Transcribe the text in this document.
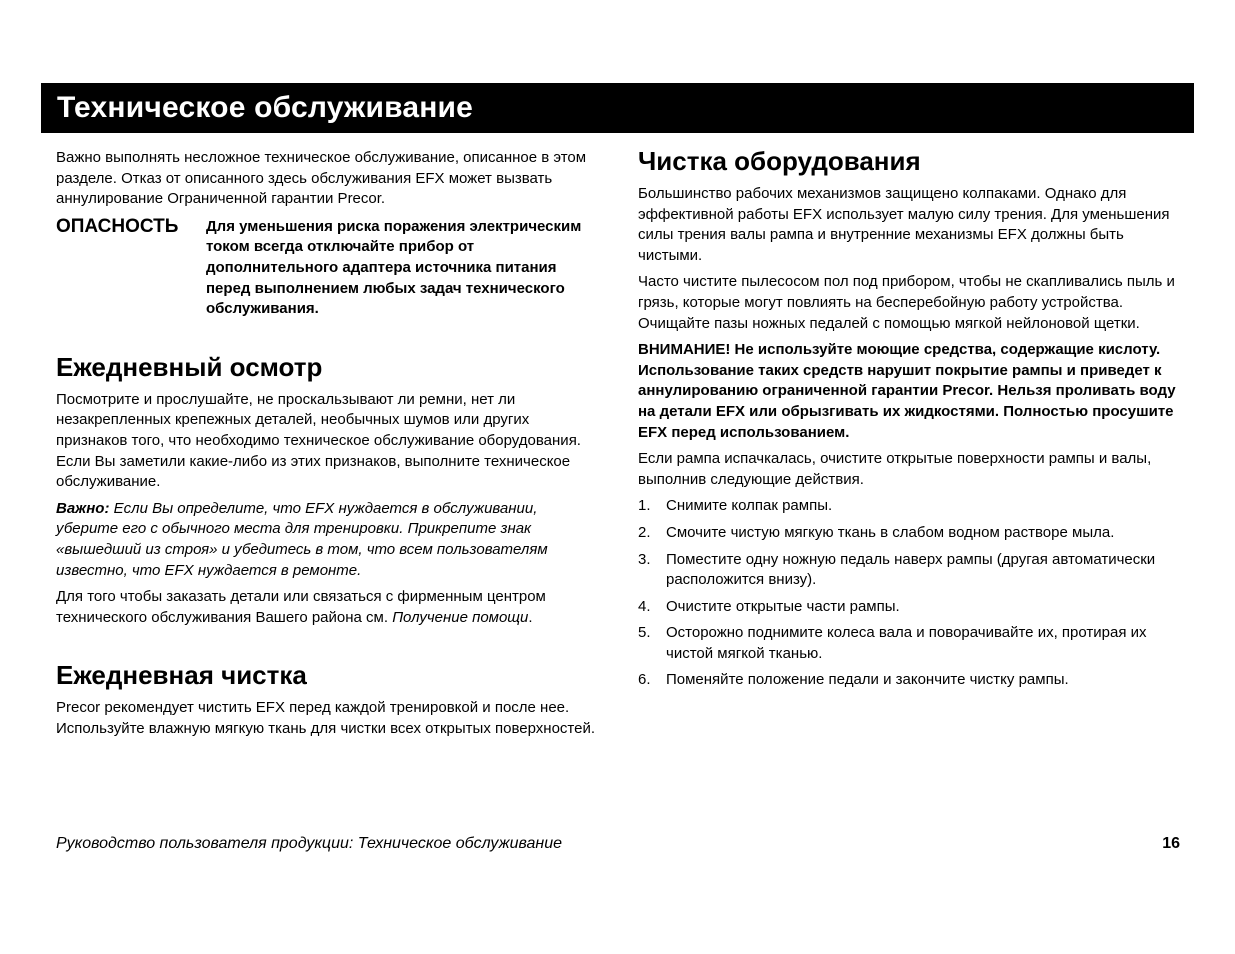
Техническое обслуживание

Важно выполнять несложное техническое обслуживание, описанное в этом разделе. Отказ от описанного здесь обслуживания EFX может вызвать аннулирование Ограниченной гарантии Precor.

ОПАСНОСТЬ	Для уменьшения риска поражения электрическим током всегда отключайте прибор от дополнительного адаптера источника питания перед выполнением любых задач технического обслуживания.
Ежедневный осмотр

Посмотрите и прослушайте, не проскальзывают ли ремни, нет ли незакрепленных крепежных деталей, необычных шумов или других признаков того, что необходимо техническое обслуживание оборудования. Если Вы заметили какие-либо из этих признаков, выполните техническое обслуживание.

Важно: Если Вы определите, что EFX нуждается в обслуживании, уберите его с обычного места для тренировки. Прикрепите знак «вышедший из строя» и убедитесь в том, что всем пользователям известно, что EFX нуждается в ремонте.

Для того чтобы заказать детали или связаться с фирменным центром технического обслуживания Вашего района см. Получение помощи.

Ежедневная чистка

Precor рекомендует чистить EFX перед каждой тренировкой и после нее. Используйте влажную мягкую ткань для чистки всех открытых поверхностей.

Чистка оборудования

Большинство рабочих механизмов защищено колпаками. Однако для эффективной работы EFX использует малую силу трения. Для уменьшения силы трения валы рампа и внутренние механизмы EFX должны быть чистыми.

Часто чистите пылесосом пол под прибором, чтобы не скапливались пыль и грязь, которые могут повлиять на бесперебойную работу устройства. Очищайте пазы ножных педалей с помощью мягкой нейлоновой щетки.

ВНИМАНИЕ! Не используйте моющие средства, содержащие кислоту. Использование таких средств нарушит покрытие рампы и приведет к аннулированию ограниченной гарантии Precor. Нельзя проливать воду на детали EFX или обрызгивать их жидкостями. Полностью просушите EFX перед использованием.

Если рампа испачкалась, очистите открытые поверхности рампы и валы, выполнив следующие действия.

1.	Снимите колпак рампы.
2.	Смочите чистую мягкую ткань в слабом водном растворе мыла.
3.	Поместите одну ножную педаль наверх рампы (другая автоматически расположится внизу).
4.	Очистите открытые части рампы.
5.	Осторожно поднимите колеса вала и поворачивайте их, протирая их чистой мягкой тканью.
6.	Поменяйте положение педали и закончите чистку рампы.
Руководство пользователя продукции: Техническое обслуживание	16
